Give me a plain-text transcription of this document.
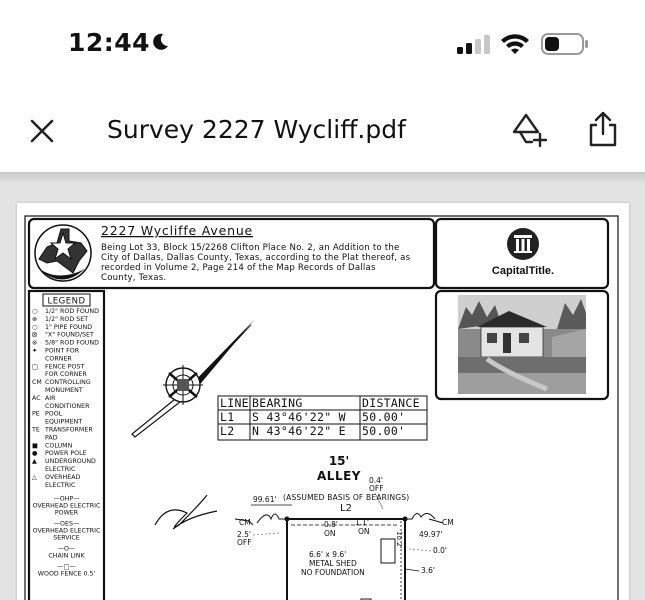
12:44
Survey 2227 Wycliff.pdf
2227 Wycliffe Avenue
Being Lot 33, Block 15/2268 Clifton Place No. 2, an Addition to the
City of Dallas, Dallas County, Texas, according to the Plat thereof, as
recorded in Volume 2, Page 214 of the Map Records of Dallas
County, Texas.
CapitalTitle.
LEGEND
○ 1/2" ROD FOUND
⊗ 1/2" ROD SET
○ 1" PIPE FOUND
⊠ "X" FOUND/SET
⊗ 5/8" ROD FOUND
✦ POINT FOR
CORNER
□ FENCE POST
FOR CORNER
CM CONTROLLING
MONUMENT
AC AIR
CONDITIONER
PE POOL
EQUIPMENT
TE TRANSFORMER
PAD
■ COLUMN
● POWER POLE
▲ UNDERGROUND
ELECTRIC
△ OVERHEAD
ELECTRIC
—OHP—
OVERHEAD ELECTRIC
POWER
—OES—
OVERHEAD ELECTRIC
SERVICE
—O—
CHAIN LINK
—□—
WOOD FENCE 0.5'
LINE BEARING	DISTANCE
L1 S 43°46'22" W 50.00'
L2 N 43°46'22" E 50.00'
15'
ALLEY 0.4'
OFF
99.61' (ASSUMED BASIS OF BEARINGS)
L2
CM	CM
2.5'
OFF
0.8'
ON
1.1'
ON	10.2' 49.97'
0.0'
6.6' x 9.6'
METAL SHED
NO FOUNDATION	3.6'
